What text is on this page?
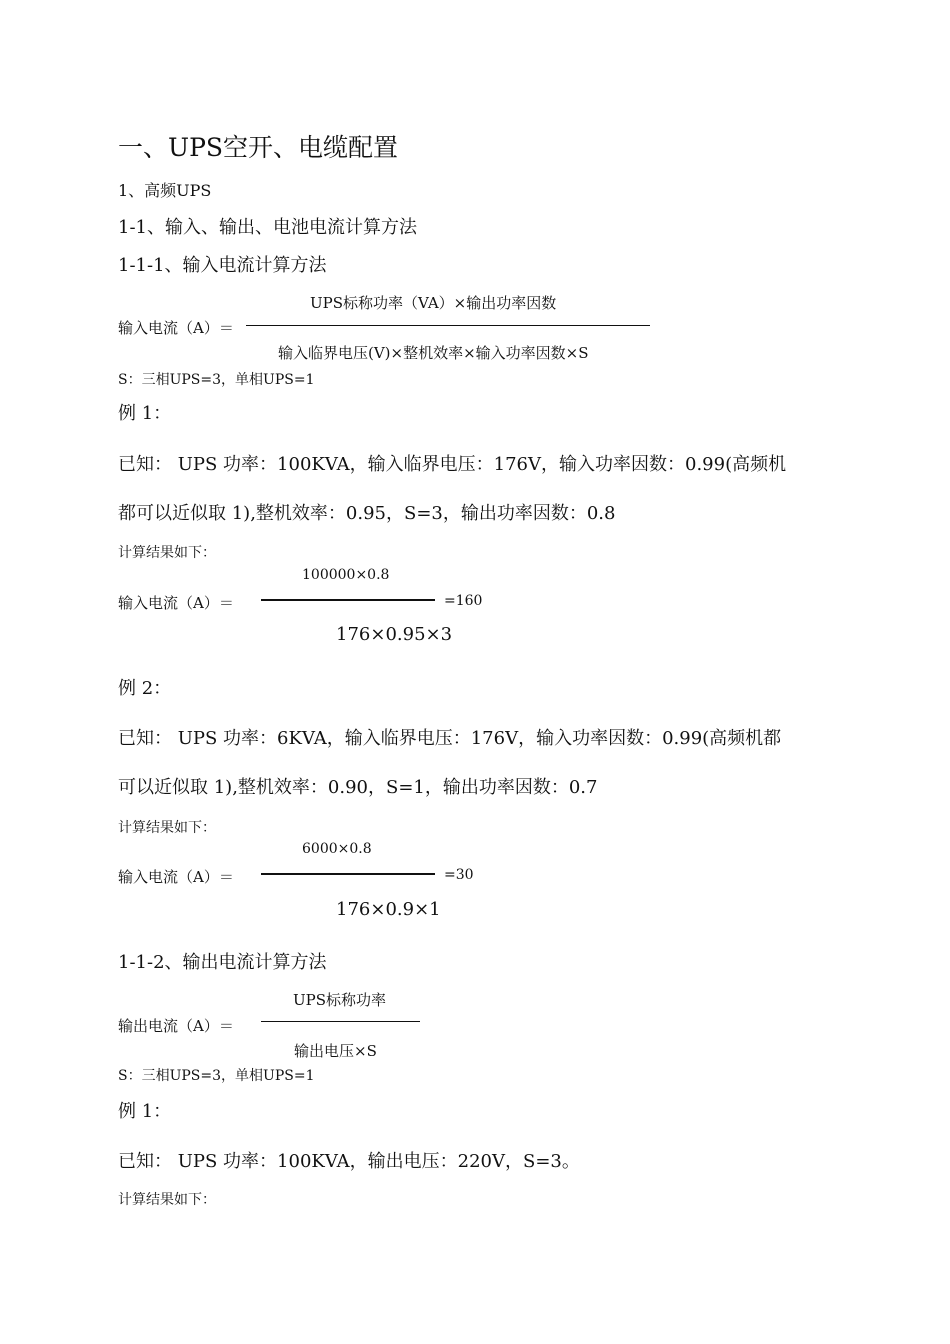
一、UPS空开、电缆配置
1、高频UPS
1-1、输入、输出、电池电流计算方法
1-1-1、输入电流计算方法
UPS标称功率（VA）×输出功率因数
输入电流（A）＝
输入临界电压(V)×整机效率×输入功率因数×S
S：三相UPS=3，单相UPS=1
例 1：
已知： UPS 功率：100KVA，输入临界电压：176V，输入功率因数：0.99(高频机
都可以近似取 1),整机效率：0.95，S=3，输出功率因数：0.8
计算结果如下：
100000×0.8
输入电流（A）＝	=160
176×0.95×3
例 2：
已知： UPS 功率：6KVA，输入临界电压：176V，输入功率因数：0.99(高频机都
可以近似取 1),整机效率：0.90，S=1，输出功率因数：0.7
计算结果如下：
6000×0.8
输入电流（A）＝	=30
176×0.9×1
1-1-2、输出电流计算方法
UPS标称功率
输出电流（A）＝
输出电压×S
S：三相UPS=3，单相UPS=1
例 1：
已知： UPS 功率：100KVA，输出电压：220V，S=3。
计算结果如下：
